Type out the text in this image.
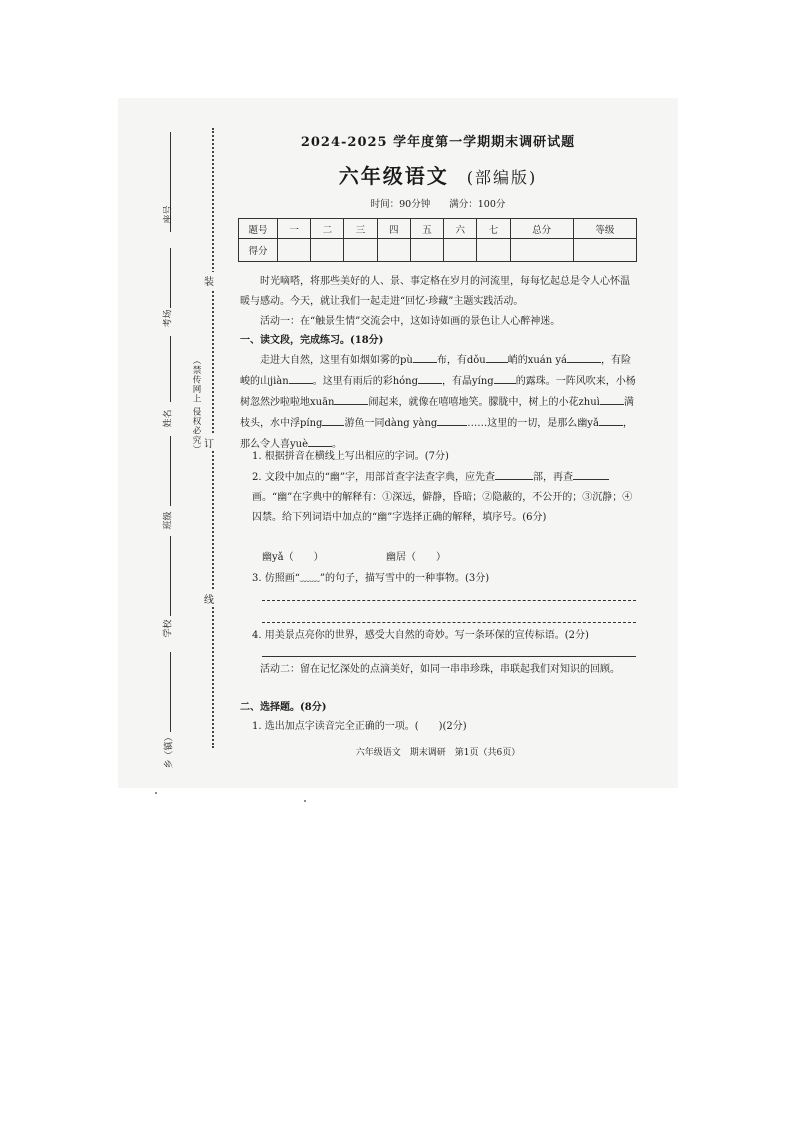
座号
考场
姓名
班级
学校
乡（镇）
（禁传网上 侵权必究）
装
订
线
2024-2025 学年度第一学期期末调研试题
六年级语文 (部编版)
时间：90分钟 满分：100分
题号	一	二	三	四	五	六	七	总分	等级
得分									
时光嘀嗒，将那些美好的人、景、事定格在岁月的河流里，每每忆起总是令人心怀温暖与感动。今天，就让我们一起走进“回忆·珍藏”主题实践活动。
活动一：在“触景生情”交流会中，这如诗如画的景色让人心醉神迷。
一、读文段，完成练习。(18分)
走进大自然，这里有如烟如雾的pù 布，有dǒu 峭的xuán yá	，有险峻的山jiàn 。这里有雨后的彩hóng ，有晶yíng 的露珠。一阵风吹来，小杨树忽然沙啦啦地xuān	闹起来，就像在嘻嘻地笑。朦胧中，树上的小花zhuì 满枝头，水中浮píng 游鱼一同dàng yàng	……这里的一切，是那么幽yǎ ，那么令人喜yuè 。
1. 根据拼音在横线上写出相应的字词。(7分)
2. 文段中加点的“幽”字，用部首查字法查字典，应先查	部，再查画。“幽”在字典中的解释有：①深远，僻静，昏暗；②隐蔽的，不公开的；③沉静；④囚禁。给下列词语中加点的“幽”字选择正确的解释，填序号。(6分)
幽yǎ（　　）	幽居（　　）
3. 仿照画“﹏﹏”的句子，描写雪中的一种事物。(3分)
4. 用美景点亮你的世界，感受大自然的奇妙。写一条环保的宣传标语。(2分)
活动二：留在记忆深处的点滴美好，如同一串串珍珠，串联起我们对知识的回顾。
二、选择题。(8分)
1. 选出加点字读音完全正确的一项。(　　)(2分)
六年级语文　期末调研　第1页（共6页）
